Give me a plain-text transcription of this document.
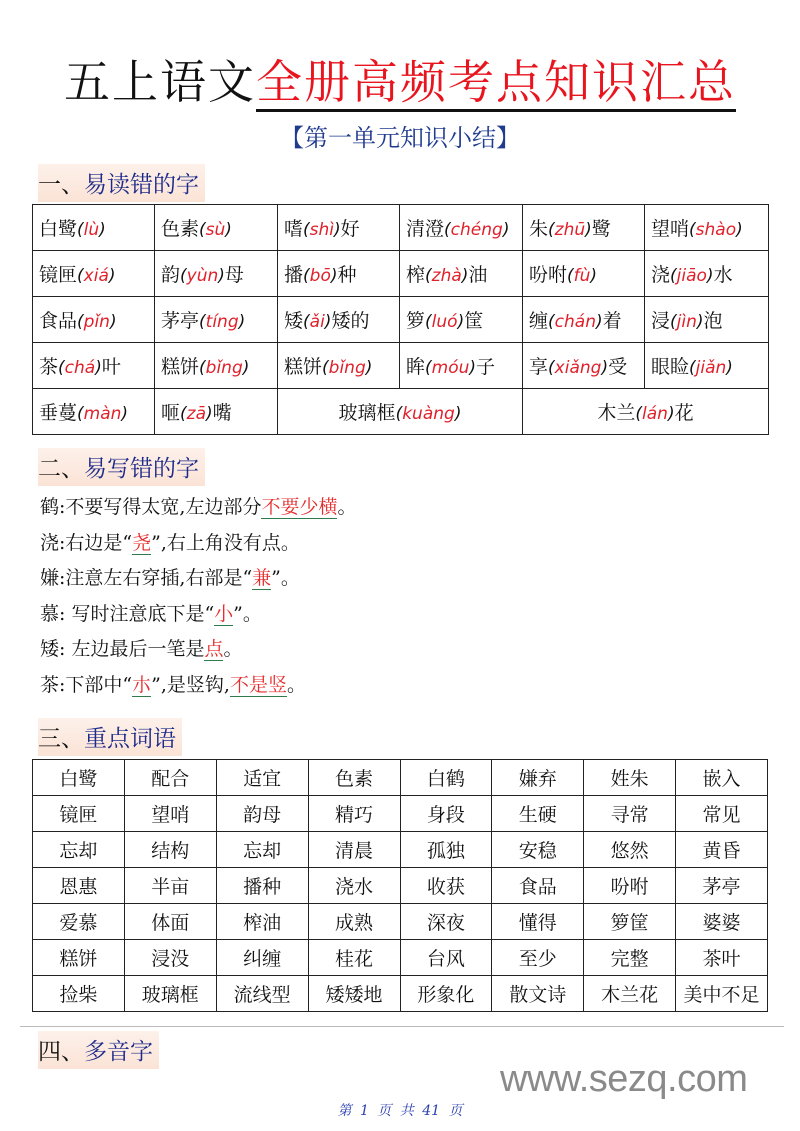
五上语文全册高频考点知识汇总
【第一单元知识小结】
一、易读错的字
白鹭(lù)	色素(sù)	嗜(shì)好	清澄(chéng)	朱(zhū)鹭	望哨(shào)
镜匣(xiá)	韵(yùn)母	播(bō)种	榨(zhà)油	吩咐(fù)	浇(jiāo)水
食品(pǐn)	茅亭(tíng)	矮(ǎi)矮的	箩(luó)筐	缠(chán)着	浸(jìn)泡
茶(chá)叶	糕饼(bǐng)	糕饼(bǐng)	眸(móu)子	享(xiǎng)受	眼睑(jiǎn)
垂蔓(màn)	咂(zā)嘴	玻璃框(kuàng)		木兰(lán)花	
二、易写错的字
鹤:不要写得太宽,左边部分不要少横。
浇:右边是“尧”,右上角没有点。
嫌:注意左右穿插,右部是“兼”。
慕: 写时注意底下是“小”。
矮: 左边最后一笔是点。
茶:下部中“朩”,是竖钩,不是竖。
三、重点词语
白鹭	配合	适宜	色素	白鹤	嫌弃	姓朱	嵌入
镜匣	望哨	韵母	精巧	身段	生硬	寻常	常见
忘却	结构	忘却	清晨	孤独	安稳	悠然	黄昏
恩惠	半亩	播种	浇水	收获	食品	吩咐	茅亭
爱慕	体面	榨油	成熟	深夜	懂得	箩筐	婆婆
糕饼	浸没	纠缠	桂花	台风	至少	完整	茶叶
捡柴	玻璃框	流线型	矮矮地	形象化	散文诗	木兰花	美中不足
四、多音字
www.sezq.com
第 1 页 共 41 页
